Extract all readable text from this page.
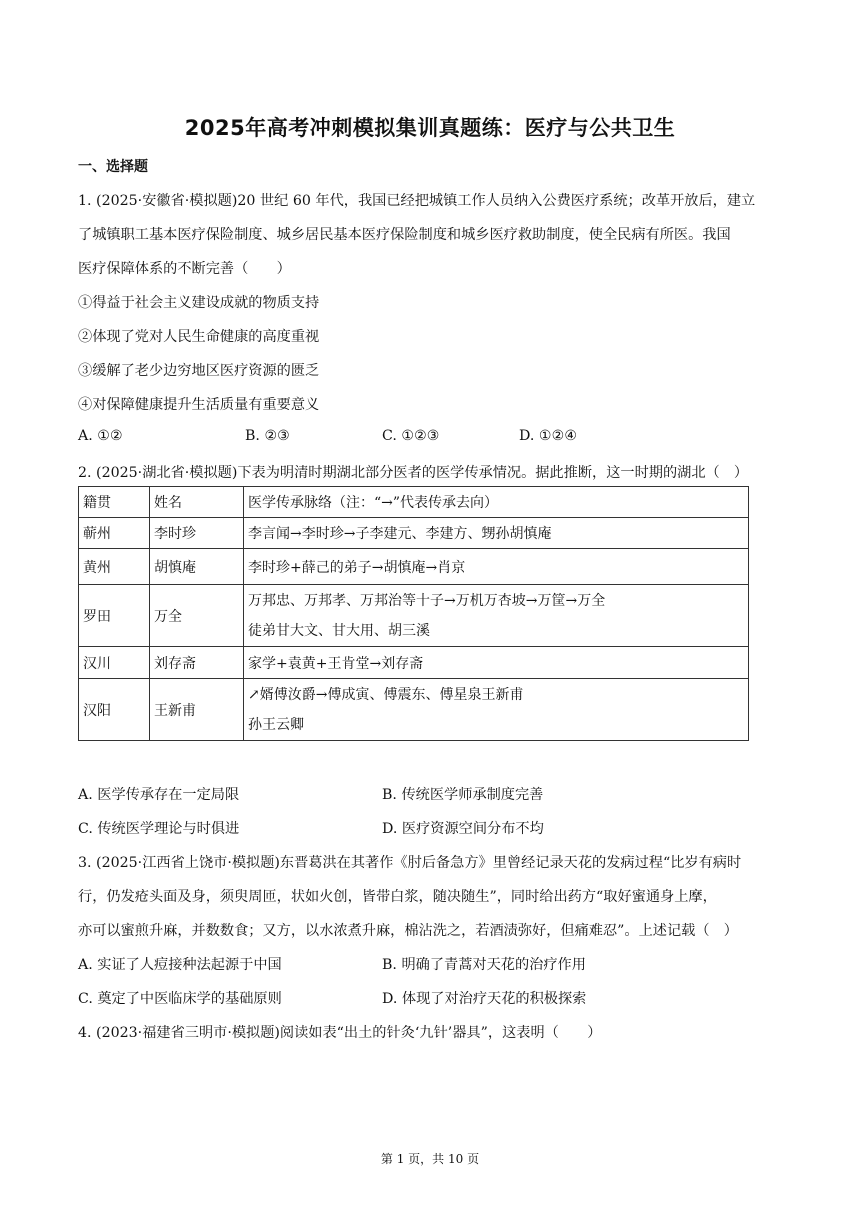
2025年高考冲刺模拟集训真题练：医疗与公共卫生
一、选择题
1. (2025·安徽省·模拟题)20 世纪 60 年代，我国已经把城镇工作人员纳入公费医疗系统；改革开放后，建立
了城镇职工基本医疗保险制度、城乡居民基本医疗保险制度和城乡医疗救助制度，使全民病有所医。我国
医疗保障体系的不断完善（　　）
①得益于社会主义建设成就的物质支持
②体现了党对人民生命健康的高度重视
③缓解了老少边穷地区医疗资源的匮乏
④对保障健康提升生活质量有重要意义
A. ①②	B. ②③	C. ①②③	D. ①②④
2. (2025·湖北省·模拟题)下表为明清时期湖北部分医者的医学传承情况。据此推断，这一时期的湖北（　）
籍贯	姓名	医学传承脉络（注：“→”代表传承去向）
蕲州	李时珍	李言闻→李时珍→子李建元、李建方、甥孙胡慎庵
黄州	胡慎庵	李时珍+薛己的弟子→胡慎庵→肖京
罗田	万全	万邦忠、万邦孝、万邦治等十子→万机万杏坡→万筐→万全
徒弟甘大文、甘大用、胡三溪

汉川	刘存斋	家学+袁黄+王肯堂→刘存斋
汉阳	王新甫	↗婿傅汝爵→傅成寅、傅震东、傅星泉王新甫
孙王云卿
A. 医学传承存在一定局限	B. 传统医学师承制度完善
C. 传统医学理论与时俱进	D. 医疗资源空间分布不均
3. (2025·江西省上饶市·模拟题)东晋葛洪在其著作《肘后备急方》里曾经记录天花的发病过程“比岁有病时
行，仍发疮头面及身，须臾周匝，状如火创，皆带白浆，随决随生”，同时给出药方“取好蜜通身上摩，
亦可以蜜煎升麻，并数数食；又方，以水浓煮升麻，棉沾洗之，若酒渍弥好，但痛难忍”。上述记载（　）
A. 实证了人痘接种法起源于中国	B. 明确了青蒿对天花的治疗作用
C. 奠定了中医临床学的基础原则	D. 体现了对治疗天花的积极探索
4. (2023·福建省三明市·模拟题)阅读如表“出土的针灸‘九针’器具”，这表明（　　）
第 1 页，共 10 页
